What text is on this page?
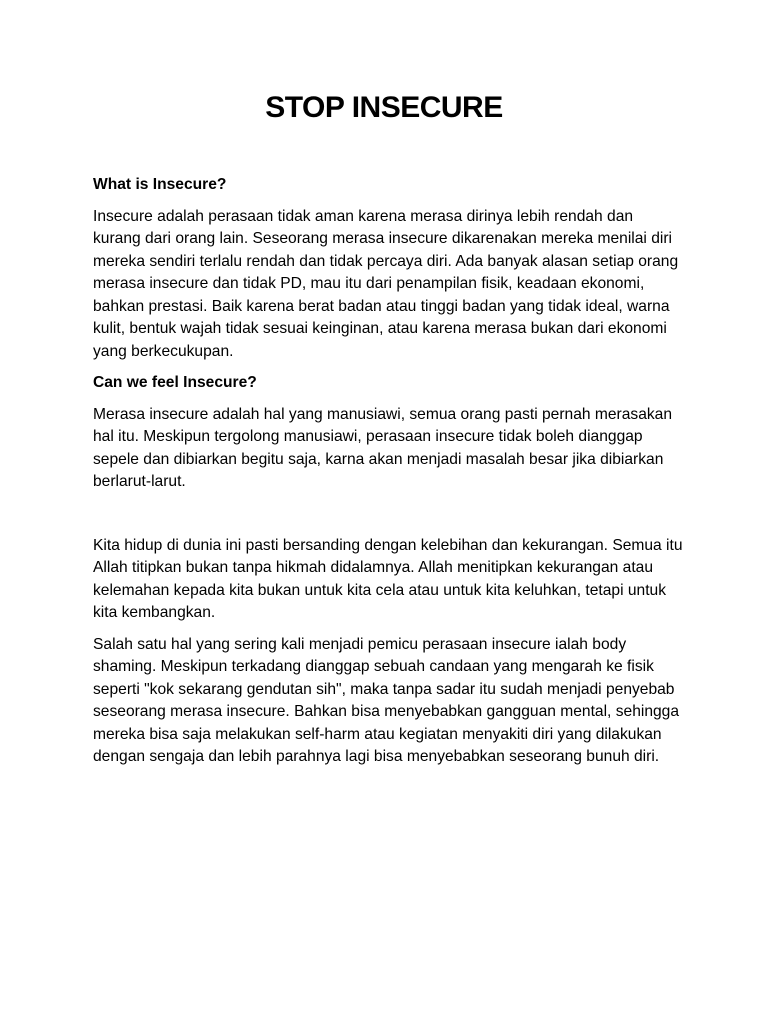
STOP INSECURE
What is Insecure?
Insecure adalah perasaan tidak aman karena merasa dirinya lebih rendah dan kurang dari orang lain. Seseorang merasa insecure dikarenakan mereka menilai diri mereka sendiri terlalu rendah dan tidak percaya diri. Ada banyak alasan setiap orang merasa insecure dan tidak PD, mau itu dari penampilan fisik, keadaan ekonomi, bahkan prestasi. Baik karena berat badan atau tinggi badan yang tidak ideal, warna kulit, bentuk wajah tidak sesuai keinginan, atau karena merasa bukan dari ekonomi yang berkecukupan.
Can we feel Insecure?
Merasa insecure adalah hal yang manusiawi, semua orang pasti pernah merasakan hal itu. Meskipun tergolong manusiawi, perasaan insecure tidak boleh dianggap sepele dan dibiarkan begitu saja, karna akan menjadi masalah besar jika dibiarkan berlarut-larut.
Kita hidup di dunia ini pasti bersanding dengan kelebihan dan kekurangan. Semua itu Allah titipkan bukan tanpa hikmah didalamnya. Allah menitipkan kekurangan atau kelemahan kepada kita bukan untuk kita cela atau untuk kita keluhkan, tetapi untuk kita kembangkan.
Salah satu hal yang sering kali menjadi pemicu perasaan insecure ialah body shaming. Meskipun terkadang dianggap sebuah candaan yang mengarah ke fisik seperti "kok sekarang gendutan sih", maka tanpa sadar itu sudah menjadi penyebab seseorang merasa insecure. Bahkan bisa menyebabkan gangguan mental, sehingga mereka bisa saja melakukan self-harm atau kegiatan menyakiti diri yang dilakukan dengan sengaja dan lebih parahnya lagi bisa menyebabkan seseorang bunuh diri.
